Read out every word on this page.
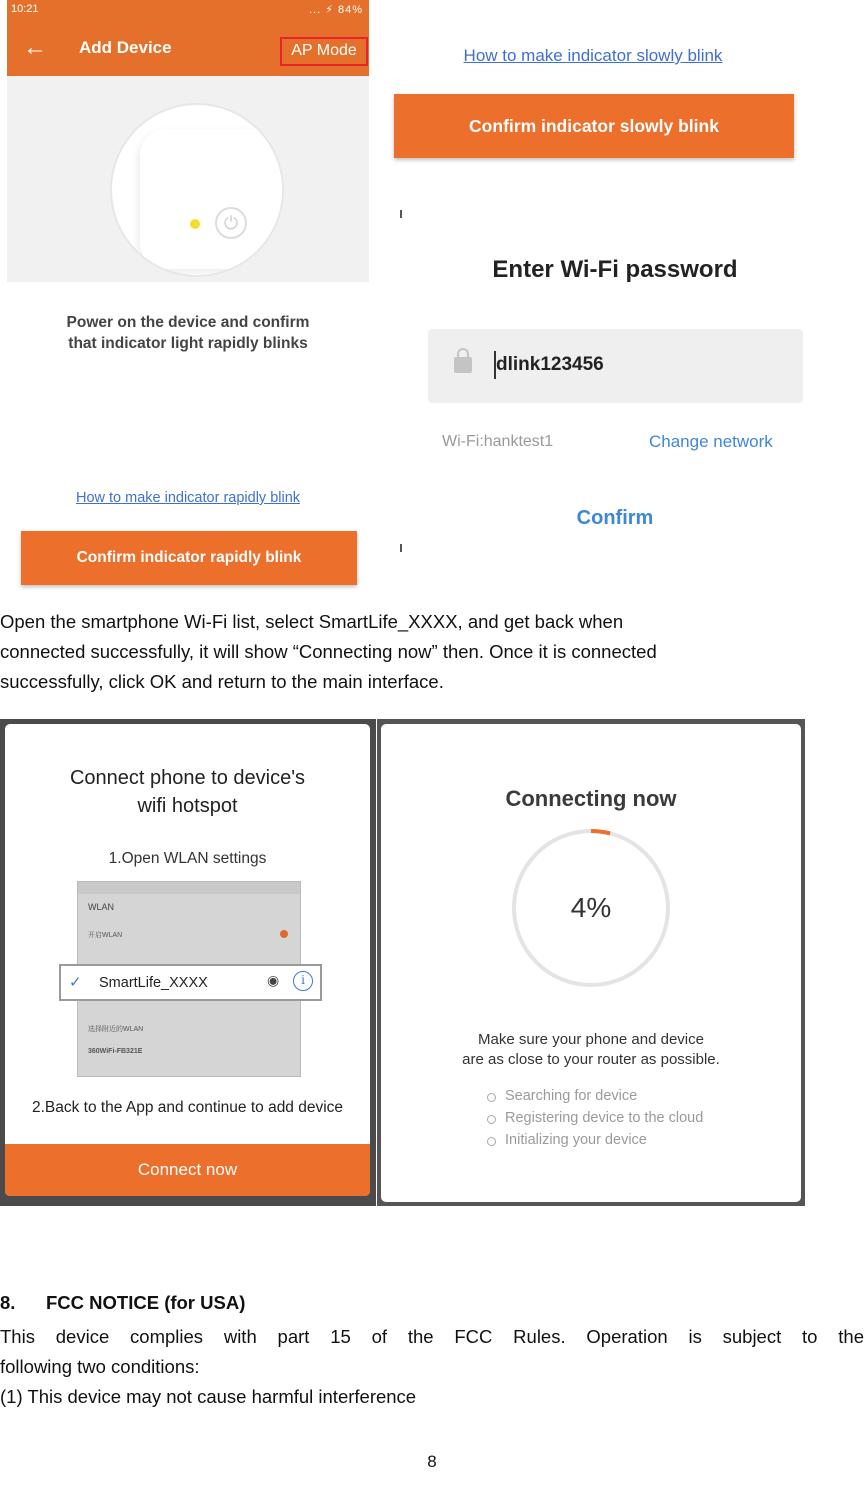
10:21	... ⚡ 84%
← Add Device	AP Mode
⏻
Power on the device and confirm
that indicator light rapidly blinks
How to make indicator rapidly blink
Confirm indicator rapidly blink
How to make indicator slowly blink
Confirm indicator slowly blink
Enter Wi-Fi password
dlink123456
Wi-Fi:hanktest1	Change network
Confirm
Open the smartphone Wi-Fi list, select SmartLife_XXXX, and get back when
connected successfully, it will show “Connecting now” then. Once it is connected
successfully, click OK and return to the main interface.
Connect phone to device's
wifi hotspot
1.Open WLAN settings
WLAN
开启WLAN
选择附近的WLAN
360WiFi-FB321E
✓ SmartLife_XXXX	◉	i
2.Back to the App and continue to add device
Connect now
Connecting now
4%
Make sure your phone and device
are as close to your router as possible.
Searching for device
Registering device to the cloud
Initializing your device
8. FCC NOTICE (for USA)
This device complies with part 15 of the FCC Rules. Operation is subject to the
following two conditions:
(1) This device may not cause harmful interference
8
